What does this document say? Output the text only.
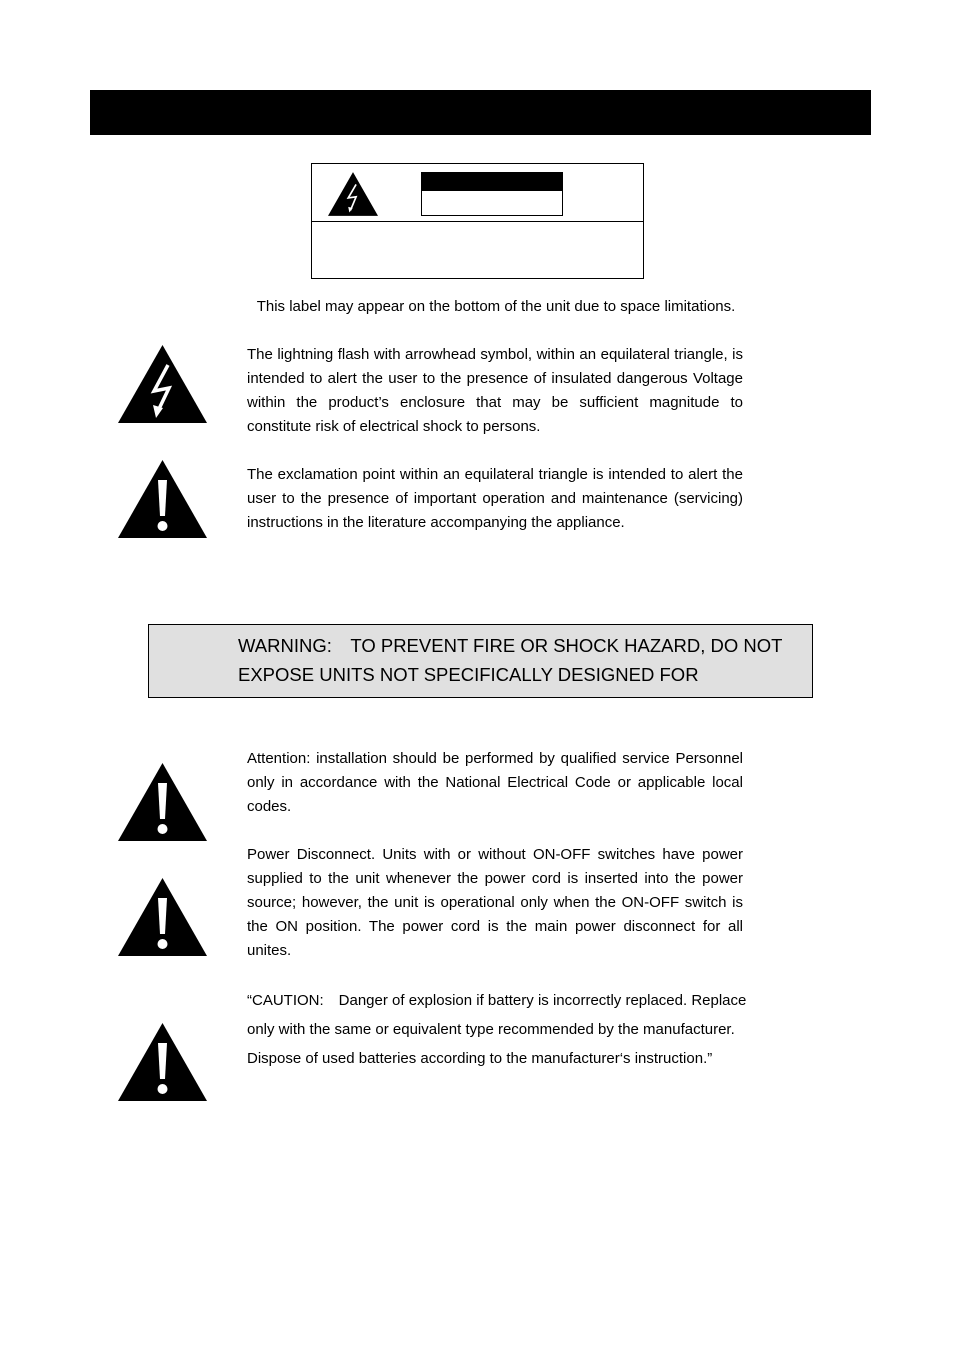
This label may appear on the bottom of the unit due to space limitations.

The lightning flash with arrowhead symbol, within an equilateral triangle, is intended to alert the user to the presence of insulated dangerous Voltage within the product’s enclosure that may be sufficient magnitude to constitute risk of electrical shock to persons.

The exclamation point within an equilateral triangle is intended to alert the user to the presence of important operation and maintenance (servicing) instructions in the literature accompanying the appliance.

WARNING: TO PREVENT FIRE OR SHOCK HAZARD, DO NOT
EXPOSE UNITS NOT SPECIFICALLY DESIGNED FOR

Attention: installation should be performed by qualified service Personnel only in accordance with the National Electrical Code or applicable local codes.

Power Disconnect. Units with or without ON-OFF switches have power supplied to the unit whenever the power cord is inserted into the power source; however, the unit is operational only when the ON-OFF switch is the ON position. The power cord is the main power disconnect for all unites.

“CAUTION: Danger of explosion if battery is incorrectly replaced. Replace only with the same or equivalent type recommended by the manufacturer. Dispose of used batteries according to the manufacturer‘s instruction.”
